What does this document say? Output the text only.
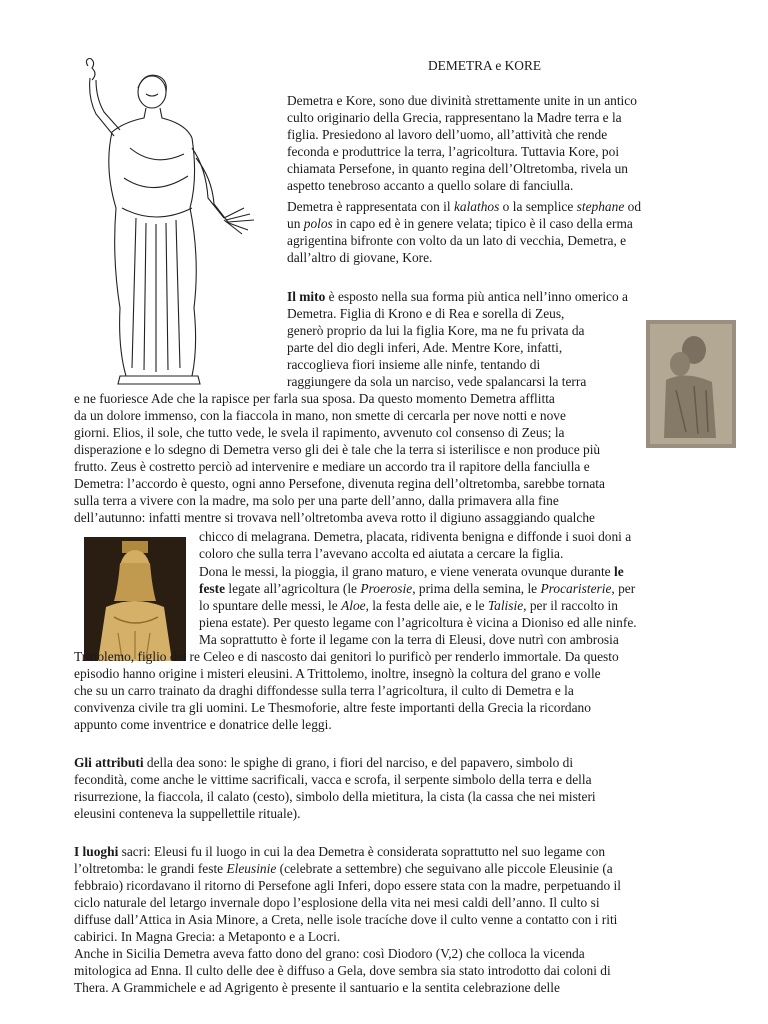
DEMETRA e KORE
Demetra e Kore, sono due divinità strettamente unite in un antico
culto originario della Grecia, rappresentano la Madre terra e la
figlia. Presiedono al lavoro dell’uomo, all’attività che rende
feconda e produttrice la terra, l’agricoltura. Tuttavia Kore, poi
chiamata Persefone, in quanto regina dell’Oltretomba, rivela un
aspetto tenebroso accanto a quello solare di fanciulla.
Demetra è rappresentata con il kalathos o la semplice stephane od
un polos in capo ed è in genere velata; tipico è il caso della erma
agrigentina bifronte con volto da un lato di vecchia, Demetra, e
dall’altro di giovane, Kore.
Il mito è esposto nella sua forma più antica nell’inno omerico a
Demetra. Figlia di Krono e di Rea e sorella di Zeus,
generò proprio da lui la figlia Kore, ma ne fu privata da
parte del dio degli inferi, Ade. Mentre Kore, infatti,
raccoglieva fiori insieme alle ninfe, tentando di
raggiungere da sola un narciso, vede spalancarsi la terra
e ne fuoriesce Ade che la rapisce per farla sua sposa. Da questo momento Demetra afflitta
da un dolore immenso, con la fiaccola in mano, non smette di cercarla per nove notti e nove
giorni. Elios, il sole, che tutto vede, le svela il rapimento, avvenuto col consenso di Zeus; la
disperazione e lo sdegno di Demetra verso gli dei è tale che la terra si isterilisce e non produce più
frutto. Zeus è costretto perciò ad intervenire e mediare un accordo tra il rapitore della fanciulla e
Demetra: l’accordo è questo, ogni anno Persefone, divenuta regina dell’oltretomba, sarebbe tornata
sulla terra a vivere con la madre, ma solo per una parte dell’anno, dalla primavera alla fine
dell’autunno: infatti mentre si trovava nell’oltretomba aveva rotto il digiuno assaggiando qualche
chicco di melagrana. Demetra, placata, ridiventa benigna e diffonde i suoi doni a
coloro che sulla terra l’avevano accolta ed aiutata a cercare la figlia.
Dona le messi, la pioggia, il grano maturo, e viene venerata ovunque durante le
feste legate all’agricoltura (le Proerosie, prima della semina, le Procaristerie, per
lo spuntare delle messi, le Aloe, la festa delle aie, e le Talisie, per il raccolto in
piena estate). Per questo legame con l’agricoltura è vicina a Dioniso ed alle ninfe.
Ma soprattutto è forte il legame con la terra di Eleusi, dove nutrì con ambrosia
Trittolemo, figlio del re Celeo e di nascosto dai genitori lo purificò per renderlo immortale. Da questo
episodio hanno origine i misteri eleusini. A Trittolemo, inoltre, insegnò la coltura del grano e volle
che su un carro trainato da draghi diffondesse sulla terra l’agricoltura, il culto di Demetra e la
convivenza civile tra gli uomini. Le Thesmoforie, altre feste importanti della Grecia la ricordano
appunto come inventrice e donatrice delle leggi.
Gli attributi della dea sono: le spighe di grano, i fiori del narciso, e del papavero, simbolo di
fecondità, come anche le vittime sacrificali, vacca e scrofa, il serpente simbolo della terra e della
risurrezione, la fiaccola, il calato (cesto), simbolo della mietitura, la cista (la cassa che nei misteri
eleusini conteneva la suppellettile rituale).
I luoghi sacri: Eleusi fu il luogo in cui la dea Demetra è considerata soprattutto nel suo legame con
l’oltretomba: le grandi feste Eleusinie (celebrate a settembre) che seguivano alle piccole Eleusinie (a
febbraio) ricordavano il ritorno di Persefone agli Inferi, dopo essere stata con la madre, perpetuando il
ciclo naturale del letargo invernale dopo l’esplosione della vita nei mesi caldi dell’anno. Il culto si
diffuse dall’Attica in Asia Minore, a Creta, nelle isole tracíche dove il culto venne a contatto con i riti
cabirici. In Magna Grecia: a Metaponto e a Locri.
Anche in Sicilia Demetra aveva fatto dono del grano: così Diodoro (V,2) che colloca la vicenda
mitologica ad Enna. Il culto delle dee è diffuso a Gela, dove sembra sia stato introdotto dai coloni di
Thera. A Grammichele e ad Agrigento è presente il santuario e la sentita celebrazione delle
